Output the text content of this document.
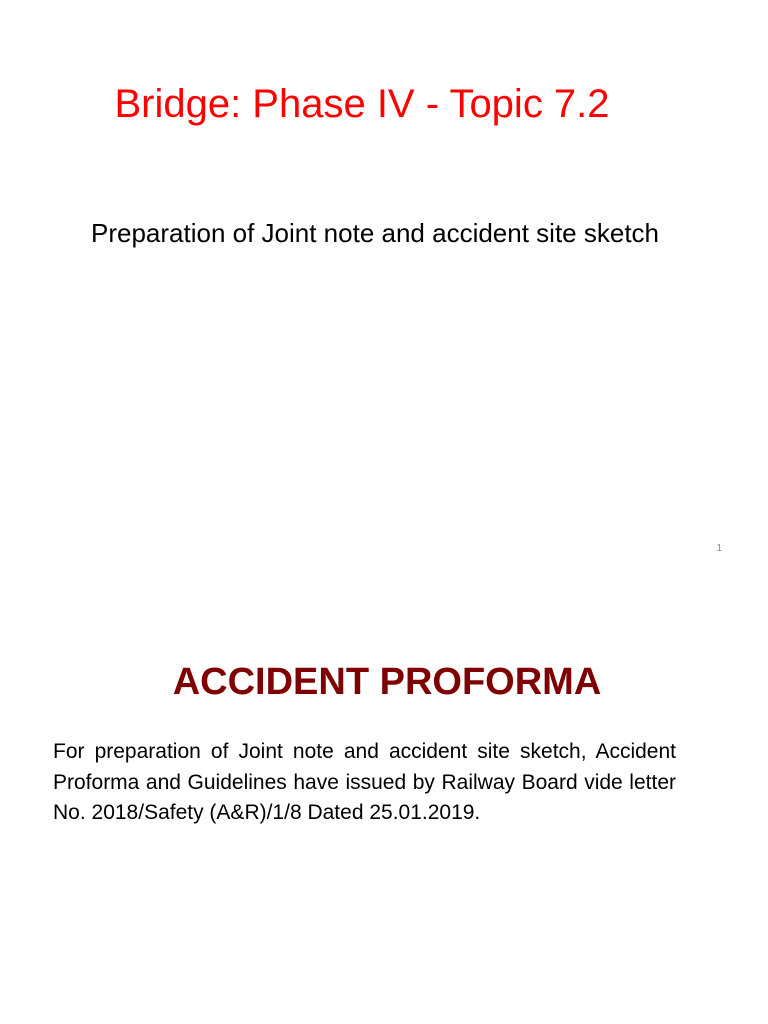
Bridge: Phase IV - Topic 7.2
Preparation of Joint note and accident site sketch
1
ACCIDENT PROFORMA
For preparation of Joint note and accident site sketch, Accident Proforma and Guidelines have issued by Railway Board vide letter No. 2018/Safety (A&R)/1/8 Dated 25.01.2019.
